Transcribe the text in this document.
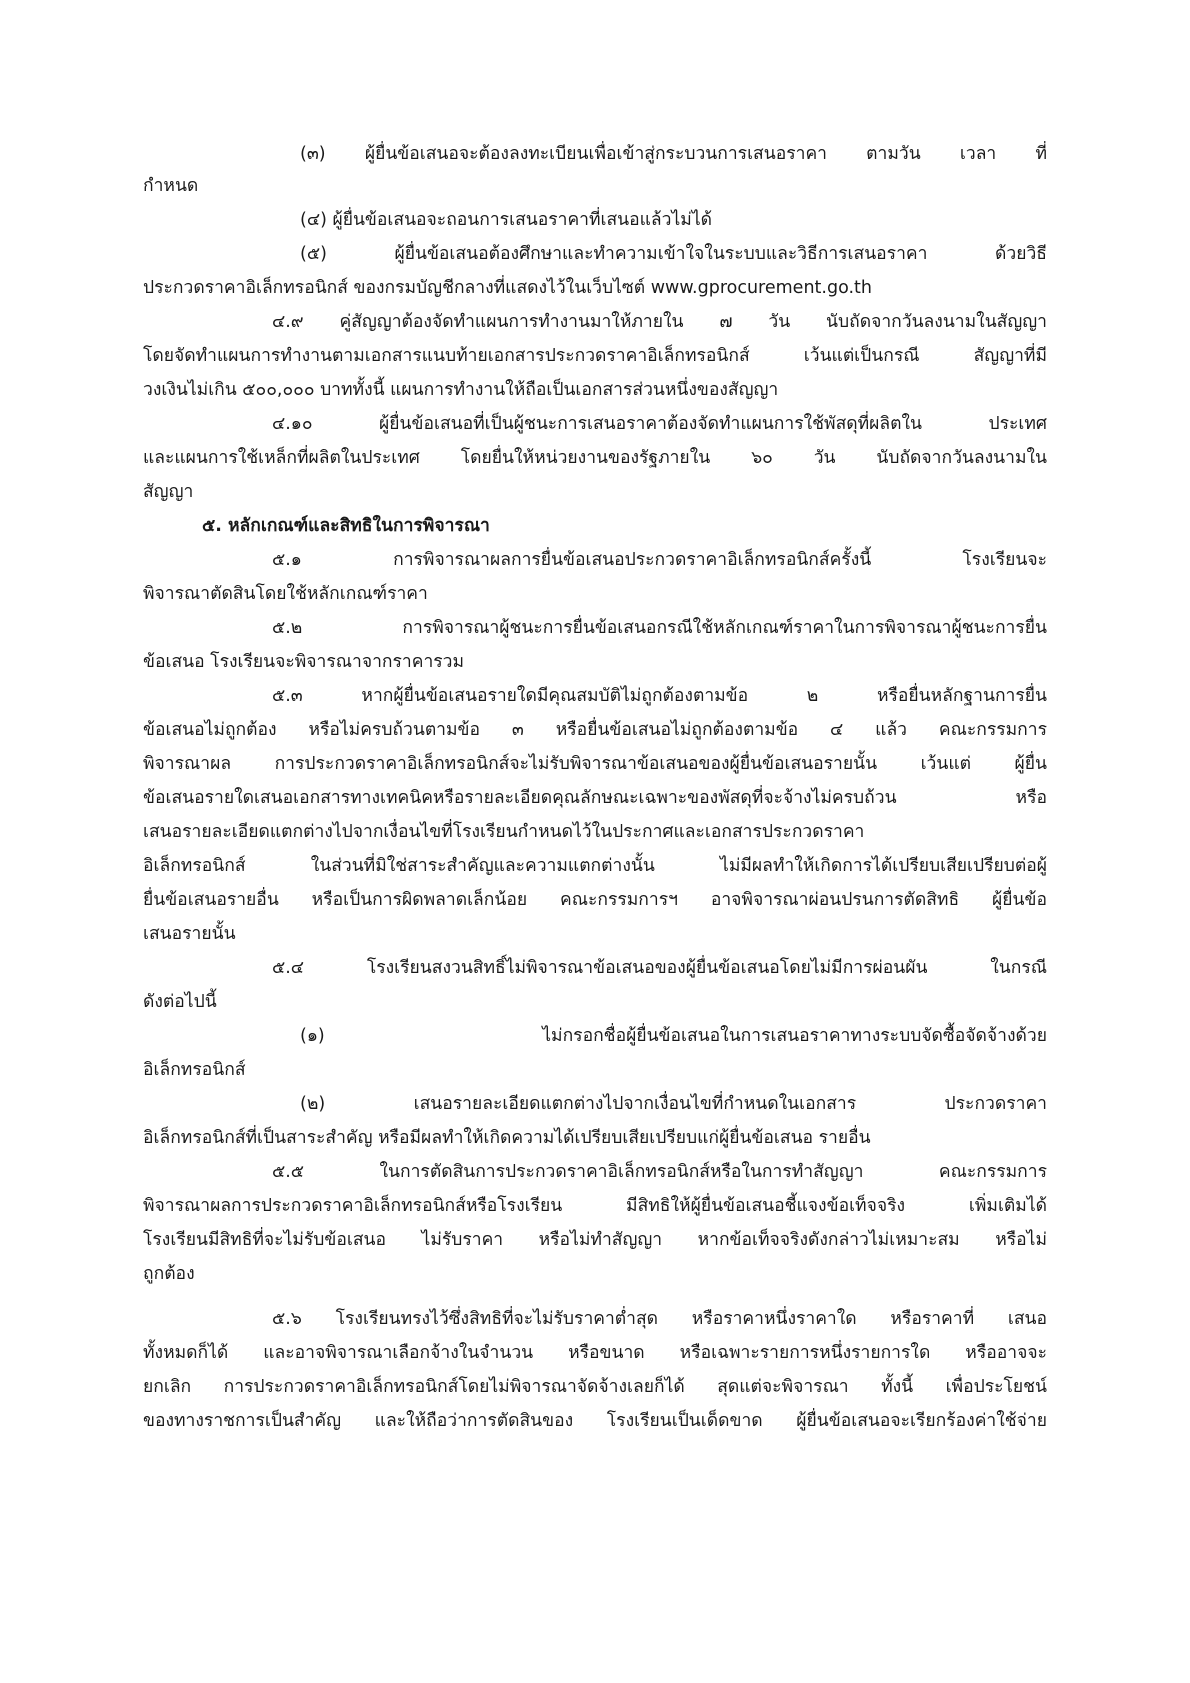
(๓) ผู้ยื่นข้อเสนอจะต้องลงทะเบียนเพื่อเข้าสู่กระบวนการเสนอราคา ตามวัน เวลา ที่
กำหนด
(๔) ผู้ยื่นข้อเสนอจะถอนการเสนอราคาที่เสนอแล้วไม่ได้
(๕) ผู้ยื่นข้อเสนอต้องศึกษาและทำความเข้าใจในระบบและวิธีการเสนอราคา ด้วยวิธี
ประกวดราคาอิเล็กทรอนิกส์ ของกรมบัญชีกลางที่แสดงไว้ในเว็บไซต์ www.gprocurement.go.th
๔.๙ คู่สัญญาต้องจัดทำแผนการทำงานมาให้ภายใน ๗ วัน นับถัดจากวันลงนามในสัญญา
โดยจัดทำแผนการทำงานตามเอกสารแนบท้ายเอกสารประกวดราคาอิเล็กทรอนิกส์ เว้นแต่เป็นกรณี สัญญาที่มี
วงเงินไม่เกิน ๕๐๐,๐๐๐ บาททั้งนี้ แผนการทำงานให้ถือเป็นเอกสารส่วนหนึ่งของสัญญา
๔.๑๐ ผู้ยื่นข้อเสนอที่เป็นผู้ชนะการเสนอราคาต้องจัดทำแผนการใช้พัสดุที่ผลิตใน ประเทศ
และแผนการใช้เหล็กที่ผลิตในประเทศ โดยยื่นให้หน่วยงานของรัฐภายใน ๖๐ วัน นับถัดจากวันลงนามใน
สัญญา
๕. หลักเกณฑ์และสิทธิในการพิจารณา
๕.๑ การพิจารณาผลการยื่นข้อเสนอประกวดราคาอิเล็กทรอนิกส์ครั้งนี้ โรงเรียนจะ
พิจารณาตัดสินโดยใช้หลักเกณฑ์ราคา
๕.๒ การพิจารณาผู้ชนะการยื่นข้อเสนอกรณีใช้หลักเกณฑ์ราคาในการพิจารณาผู้ชนะการยื่น
ข้อเสนอ โรงเรียนจะพิจารณาจากราคารวม
๕.๓ หากผู้ยื่นข้อเสนอรายใดมีคุณสมบัติไม่ถูกต้องตามข้อ ๒ หรือยื่นหลักฐานการยื่น
ข้อเสนอไม่ถูกต้อง หรือไม่ครบถ้วนตามข้อ ๓ หรือยื่นข้อเสนอไม่ถูกต้องตามข้อ ๔ แล้ว คณะกรรมการ
พิจารณาผล การประกวดราคาอิเล็กทรอนิกส์จะไม่รับพิจารณาข้อเสนอของผู้ยื่นข้อเสนอรายนั้น เว้นแต่ ผู้ยื่น
ข้อเสนอรายใดเสนอเอกสารทางเทคนิคหรือรายละเอียดคุณลักษณะเฉพาะของพัสดุที่จะจ้างไม่ครบถ้วน หรือ
เสนอรายละเอียดแตกต่างไปจากเงื่อนไขที่โรงเรียนกำหนดไว้ในประกาศและเอกสารประกวดราคา
อิเล็กทรอนิกส์ ในส่วนที่มิใช่สาระสำคัญและความแตกต่างนั้น ไม่มีผลทำให้เกิดการได้เปรียบเสียเปรียบต่อผู้
ยื่นข้อเสนอรายอื่น หรือเป็นการผิดพลาดเล็กน้อย คณะกรรมการฯ อาจพิจารณาผ่อนปรนการตัดสิทธิ ผู้ยื่นข้อ
เสนอรายนั้น
๕.๔ โรงเรียนสงวนสิทธิ์ไม่พิจารณาข้อเสนอของผู้ยื่นข้อเสนอโดยไม่มีการผ่อนผัน ในกรณี
ดังต่อไปนี้
(๑) ไม่กรอกชื่อผู้ยื่นข้อเสนอในการเสนอราคาทางระบบจัดซื้อจัดจ้างด้วย
อิเล็กทรอนิกส์
(๒) เสนอรายละเอียดแตกต่างไปจากเงื่อนไขที่กำหนดในเอกสาร ประกวดราคา
อิเล็กทรอนิกส์ที่เป็นสาระสำคัญ หรือมีผลทำให้เกิดความได้เปรียบเสียเปรียบแก่ผู้ยื่นข้อเสนอ รายอื่น
๕.๕ ในการตัดสินการประกวดราคาอิเล็กทรอนิกส์หรือในการทำสัญญา คณะกรรมการ
พิจารณาผลการประกวดราคาอิเล็กทรอนิกส์หรือโรงเรียน มีสิทธิให้ผู้ยื่นข้อเสนอชี้แจงข้อเท็จจริง เพิ่มเติมได้
โรงเรียนมีสิทธิที่จะไม่รับข้อเสนอ ไม่รับราคา หรือไม่ทำสัญญา หากข้อเท็จจริงดังกล่าวไม่เหมาะสม หรือไม่
ถูกต้อง
๕.๖ โรงเรียนทรงไว้ซึ่งสิทธิที่จะไม่รับราคาต่ำสุด หรือราคาหนึ่งราคาใด หรือราคาที่ เสนอ
ทั้งหมดก็ได้ และอาจพิจารณาเลือกจ้างในจำนวน หรือขนาด หรือเฉพาะรายการหนึ่งรายการใด หรืออาจจะ
ยกเลิก การประกวดราคาอิเล็กทรอนิกส์โดยไม่พิจารณาจัดจ้างเลยก็ได้ สุดแต่จะพิจารณา ทั้งนี้ เพื่อประโยชน์
ของทางราชการเป็นสำคัญ และให้ถือว่าการตัดสินของ โรงเรียนเป็นเด็ดขาด ผู้ยื่นข้อเสนอจะเรียกร้องค่าใช้จ่าย
